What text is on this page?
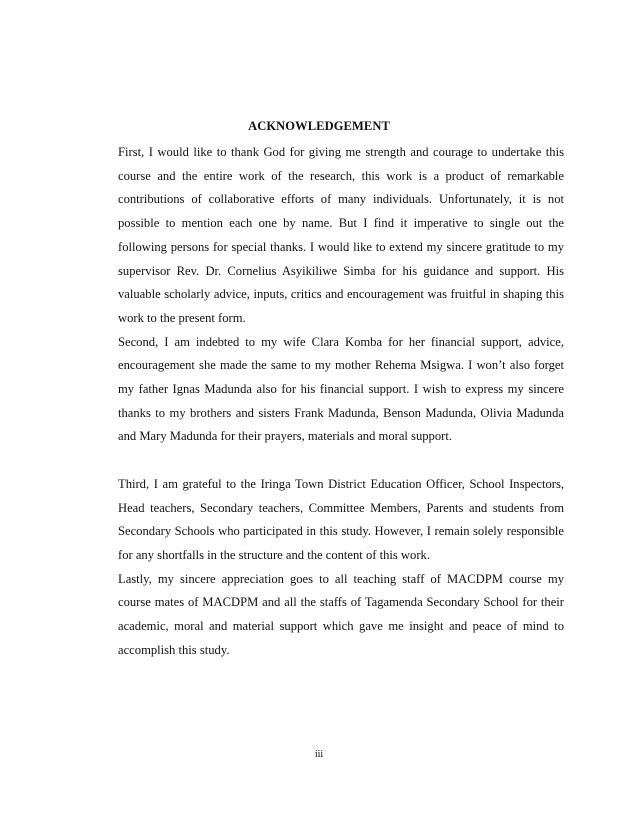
ACKNOWLEDGEMENT

First, I would like to thank God for giving me strength and courage to undertake this course and the entire work of the research, this work is a product of remarkable contributions of collaborative efforts of many individuals. Unfortunately, it is not possible to mention each one by name. But I find it imperative to single out the following persons for special thanks. I would like to extend my sincere gratitude to my supervisor Rev. Dr. Cornelius Asyikiliwe Simba for his guidance and support. His valuable scholarly advice, inputs, critics and encouragement was fruitful in shaping this work to the present form.

Second, I am indebted to my wife Clara Komba for her financial support, advice, encouragement she made the same to my mother Rehema Msigwa. I won’t also forget my father Ignas Madunda also for his financial support. I wish to express my sincere thanks to my brothers and sisters Frank Madunda, Benson Madunda, Olivia Madunda and Mary Madunda for their prayers, materials and moral support.

Third, I am grateful to the Iringa Town District Education Officer, School Inspectors, Head teachers, Secondary teachers, Committee Members, Parents and students from Secondary Schools who participated in this study. However, I remain solely responsible for any shortfalls in the structure and the content of this work.

Lastly, my sincere appreciation goes to all teaching staff of MACDPM course my course mates of MACDPM and all the staffs of Tagamenda Secondary School for their academic, moral and material support which gave me insight and peace of mind to accomplish this study.

iii
